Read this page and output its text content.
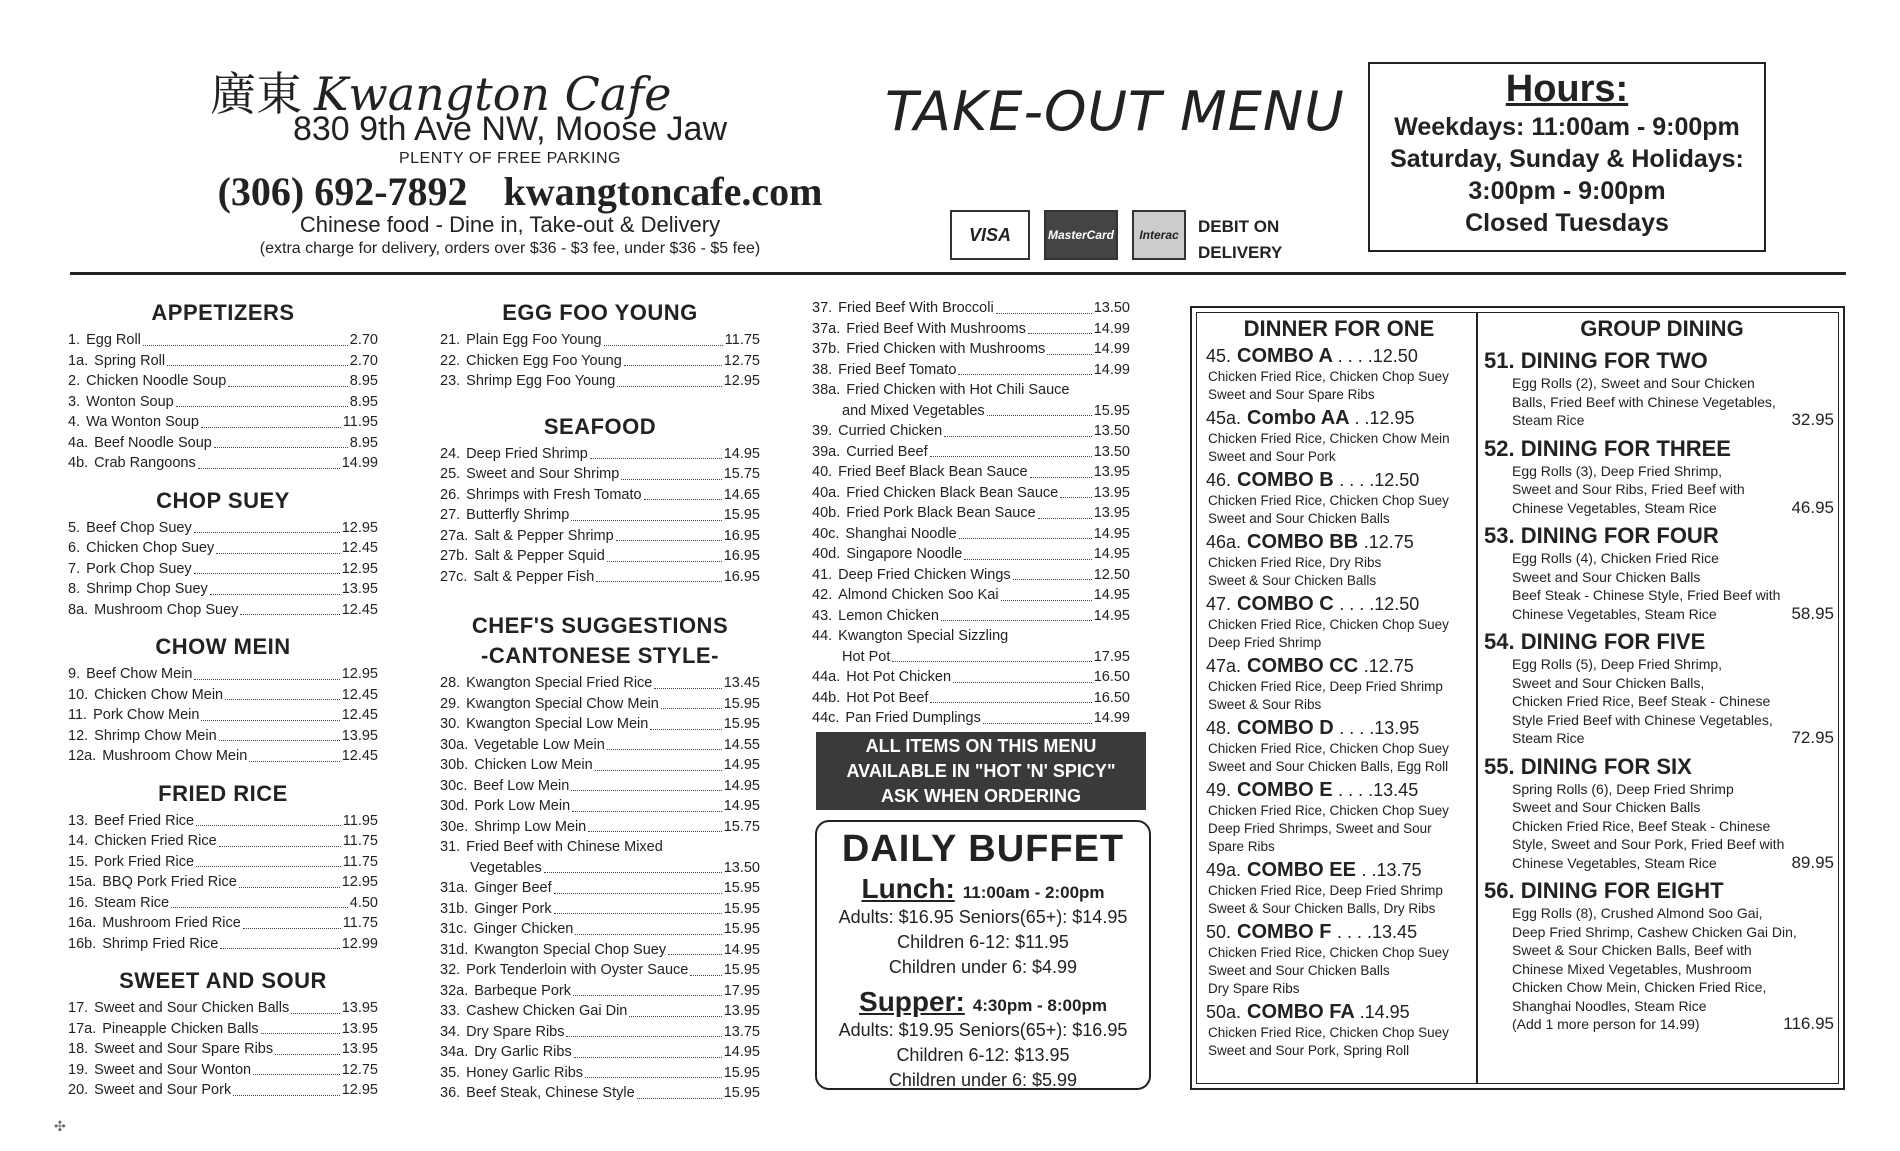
廣東 Kwangton Cafe
830 9th Ave NW, Moose Jaw
PLENTY OF FREE PARKING
(306) 692-7892 kwangtoncafe.com
Chinese food - Dine in, Take-out & Delivery
(extra charge for delivery, orders over $36 - $3 fee, under $36 - $5 fee)
TAKE-OUT MENU
VISA	MasterCard	Interac	DEBIT ON
DELIVERY
Hours:

Weekdays: 11:00am - 9:00pm

Saturday, Sunday & Holidays:

3:00pm - 9:00pm

Closed Tuesdays

APPETIZERS
1. Egg Roll	2.70
1a. Spring Roll	2.70
2. Chicken Noodle Soup	8.95
3. Wonton Soup	8.95
4. Wa Wonton Soup	11.95
4a. Beef Noodle Soup	8.95
4b. Crab Rangoons	14.99
CHOP SUEY
5. Beef Chop Suey	12.95
6. Chicken Chop Suey	12.45
7. Pork Chop Suey	12.95
8. Shrimp Chop Suey	13.95
8a. Mushroom Chop Suey	12.45
CHOW MEIN
9. Beef Chow Mein	12.95
10. Chicken Chow Mein	12.45
11. Pork Chow Mein	12.45
12. Shrimp Chow Mein	13.95
12a. Mushroom Chow Mein	12.45
FRIED RICE
13. Beef Fried Rice	11.95
14. Chicken Fried Rice	11.75
15. Pork Fried Rice	11.75
15a. BBQ Pork Fried Rice	12.95
16. Steam Rice	4.50
16a. Mushroom Fried Rice	11.75
16b. Shrimp Fried Rice	12.99
SWEET AND SOUR
17. Sweet and Sour Chicken Balls	13.95
17a. Pineapple Chicken Balls	13.95
18. Sweet and Sour Spare Ribs	13.95
19. Sweet and Sour Wonton	12.75
20. Sweet and Sour Pork	12.95
EGG FOO YOUNG
21. Plain Egg Foo Young	11.75
22. Chicken Egg Foo Young	12.75
23. Shrimp Egg Foo Young	12.95
SEAFOOD
24. Deep Fried Shrimp	14.95
25. Sweet and Sour Shrimp	15.75
26. Shrimps with Fresh Tomato	14.65
27. Butterfly Shrimp	15.95
27a. Salt & Pepper Shrimp	16.95
27b. Salt & Pepper Squid	16.95
27c. Salt & Pepper Fish	16.95
CHEF'S SUGGESTIONS
-CANTONESE STYLE-
28. Kwangton Special Fried Rice	13.45
29. Kwangton Special Chow Mein	15.95
30. Kwangton Special Low Mein	15.95
30a. Vegetable Low Mein	14.55
30b. Chicken Low Mein	14.95
30c. Beef Low Mein	14.95
30d. Pork Low Mein	14.95
30e. Shrimp Low Mein	15.75
31. Fried Beef with Chinese Mixed
Vegetables	13.50
31a. Ginger Beef	15.95
31b. Ginger Pork	15.95
31c. Ginger Chicken	15.95
31d. Kwangton Special Chop Suey	14.95
32. Pork Tenderloin with Oyster Sauce 15.95
32a. Barbeque Pork	17.95
33. Cashew Chicken Gai Din	13.95
34. Dry Spare Ribs	13.75
34a. Dry Garlic Ribs	14.95
35. Honey Garlic Ribs	15.95
36. Beef Steak, Chinese Style	15.95
37. Fried Beef With Broccoli	13.50
37a. Fried Beef With Mushrooms	14.99
37b. Fried Chicken with Mushrooms	14.99
38. Fried Beef Tomato	14.99
38a. Fried Chicken with Hot Chili Sauce
and Mixed Vegetables	15.95
39. Curried Chicken	13.50
39a. Curried Beef	13.50
40. Fried Beef Black Bean Sauce	13.95
40a. Fried Chicken Black Bean Sauce 13.95
40b. Fried Pork Black Bean Sauce	13.95
40c. Shanghai Noodle	14.95
40d. Singapore Noodle	14.95
41. Deep Fried Chicken Wings	12.50
42. Almond Chicken Soo Kai	14.95
43. Lemon Chicken	14.95
44. Kwangton Special Sizzling
Hot Pot	17.95
44a. Hot Pot Chicken	16.50
44b. Hot Pot Beef	16.50
44c. Pan Fried Dumplings	14.99
ALL ITEMS ON THIS MENU
AVAILABLE IN "HOT 'N' SPICY"
ASK WHEN ORDERING
DAILY BUFFET
Lunch: 11:00am - 2:00pm

Adults: $16.95 Seniors(65+): $14.95

Children 6-12: $11.95

Children under 6: $4.99

Supper: 4:30pm - 8:00pm

Adults: $19.95 Seniors(65+): $16.95

Children 6-12: $13.95

Children under 6: $5.99

DINNER FOR ONE
45. COMBO A . . . .12.50
Chicken Fried Rice, Chicken Chop Suey
Sweet and Sour Spare Ribs
45a. Combo AA . .12.95
Chicken Fried Rice, Chicken Chow Mein
Sweet and Sour Pork
46. COMBO B . . . .12.50
Chicken Fried Rice, Chicken Chop Suey
Sweet and Sour Chicken Balls
46a. COMBO BB .12.75
Chicken Fried Rice, Dry Ribs
Sweet & Sour Chicken Balls
47. COMBO C . . . .12.50
Chicken Fried Rice, Chicken Chop Suey
Deep Fried Shrimp
47a. COMBO CC .12.75
Chicken Fried Rice, Deep Fried Shrimp
Sweet & Sour Ribs
48. COMBO D . . . .13.95
Chicken Fried Rice, Chicken Chop Suey
Sweet and Sour Chicken Balls, Egg Roll
49. COMBO E . . . .13.45
Chicken Fried Rice, Chicken Chop Suey
Deep Fried Shrimps, Sweet and Sour
Spare Ribs
49a. COMBO EE . .13.75
Chicken Fried Rice, Deep Fried Shrimp
Sweet & Sour Chicken Balls, Dry Ribs
50. COMBO F . . . .13.45
Chicken Fried Rice, Chicken Chop Suey
Sweet and Sour Chicken Balls
Dry Spare Ribs
50a. COMBO FA .14.95
Chicken Fried Rice, Chicken Chop Suey
Sweet and Sour Pork, Spring Roll
GROUP DINING
51. DINING FOR TWO
Egg Rolls (2), Sweet and Sour Chicken
Balls, Fried Beef with Chinese Vegetables,
Steam Rice	32.95
52. DINING FOR THREE
Egg Rolls (3), Deep Fried Shrimp,
Sweet and Sour Ribs, Fried Beef with
Chinese Vegetables, Steam Rice	46.95
53. DINING FOR FOUR
Egg Rolls (4), Chicken Fried Rice
Sweet and Sour Chicken Balls
Beef Steak - Chinese Style, Fried Beef with
Chinese Vegetables, Steam Rice	58.95
54. DINING FOR FIVE
Egg Rolls (5), Deep Fried Shrimp,
Sweet and Sour Chicken Balls,
Chicken Fried Rice, Beef Steak - Chinese
Style Fried Beef with Chinese Vegetables,
Steam Rice	72.95
55. DINING FOR SIX
Spring Rolls (6), Deep Fried Shrimp
Sweet and Sour Chicken Balls
Chicken Fried Rice, Beef Steak - Chinese
Style, Sweet and Sour Pork, Fried Beef with
Chinese Vegetables, Steam Rice	89.95
56. DINING FOR EIGHT
Egg Rolls (8), Crushed Almond Soo Gai,
Deep Fried Shrimp, Cashew Chicken Gai Din,
Sweet & Sour Chicken Balls, Beef with
Chinese Mixed Vegetables, Mushroom
Chicken Chow Mein, Chicken Fried Rice,
Shanghai Noodles, Steam Rice
(Add 1 more person for 14.99)	116.95
✣
